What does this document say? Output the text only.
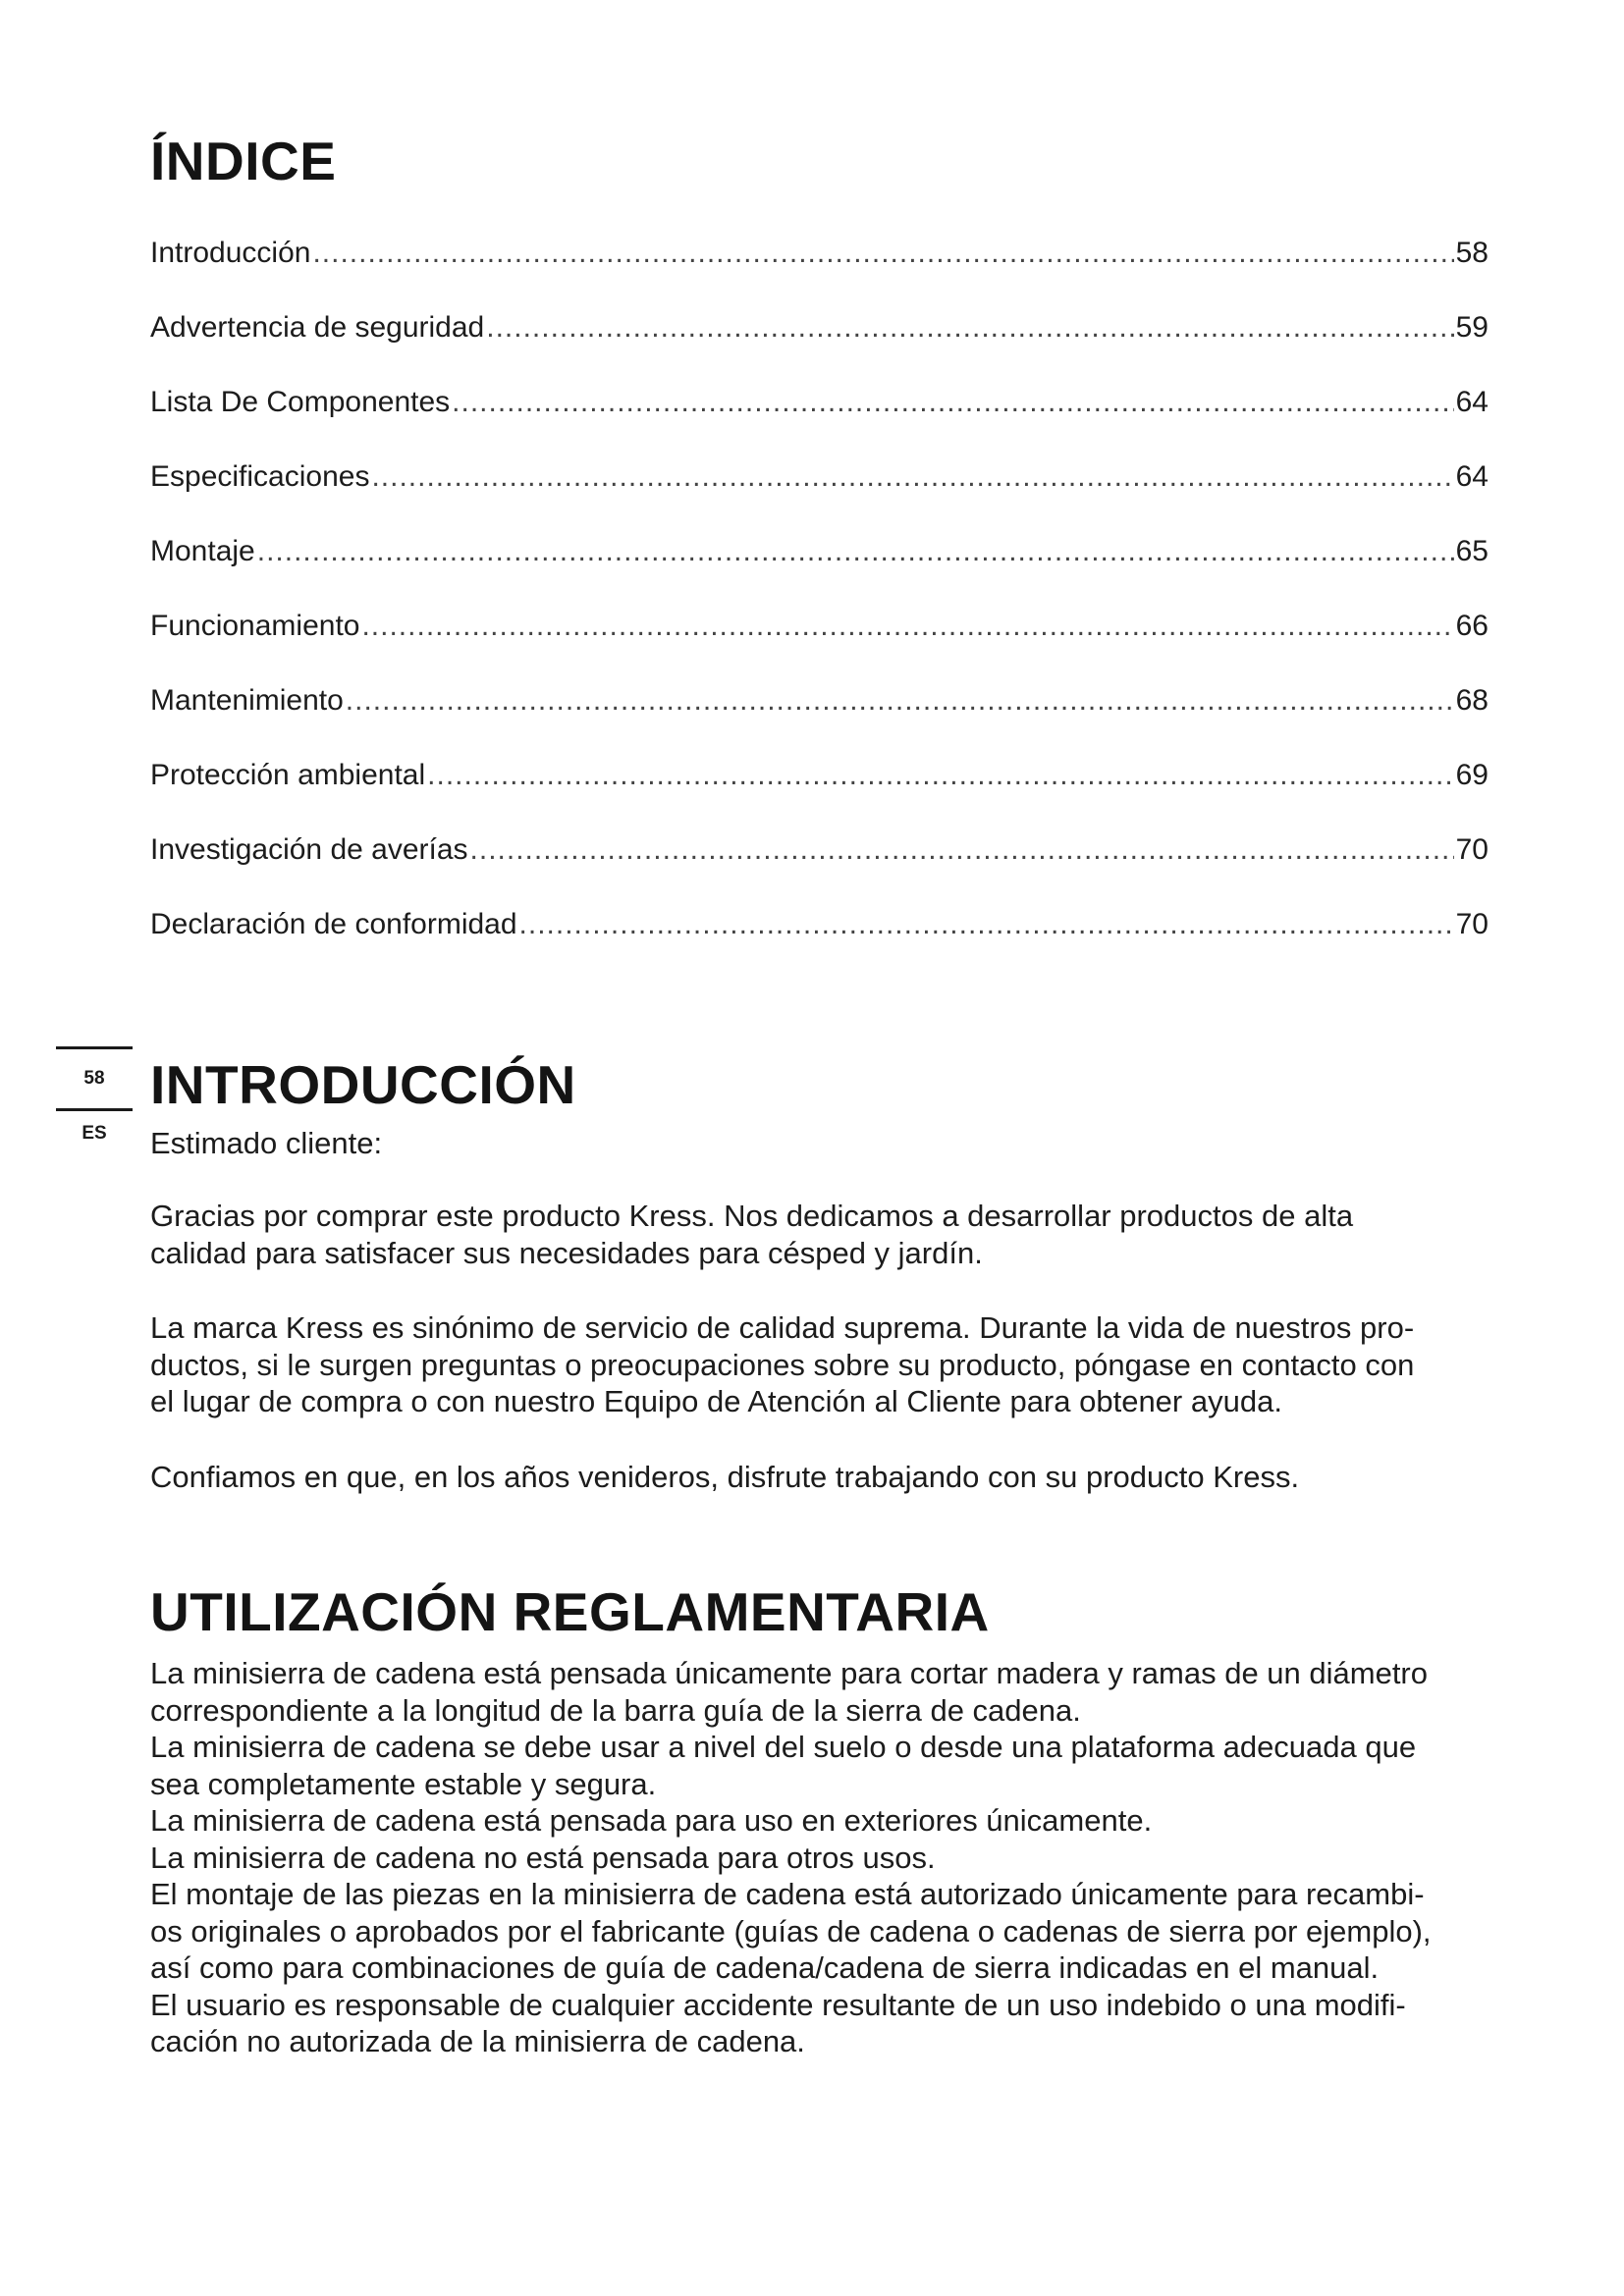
ÍNDICE
Introducción .....	58
Advertencia de seguridad .....	59
Lista De Componentes .....	64
Especificaciones .....	64
Montaje .....	65
Funcionamiento .....	66
Mantenimiento .....	68
Protección ambiental .....	69
Investigación de averías .....	70
Declaración de conformidad .....	70
58
ES
INTRODUCCIÓN

Estimado cliente:

Gracias por comprar este producto Kress. Nos dedicamos a desarrollar productos de alta
calidad para satisfacer sus necesidades para césped y jardín.

La marca Kress es sinónimo de servicio de calidad suprema. Durante la vida de nuestros pro-
ductos, si le surgen preguntas o preocupaciones sobre su producto, póngase en contacto con
el lugar de compra o con nuestro Equipo de Atención al Cliente para obtener ayuda.

Confiamos en que, en los años venideros, disfrute trabajando con su producto Kress.

UTILIZACIÓN REGLAMENTARIA

La minisierra de cadena está pensada únicamente para cortar madera y ramas de un diámetro
correspondiente a la longitud de la barra guía de la sierra de cadena.
La minisierra de cadena se debe usar a nivel del suelo o desde una plataforma adecuada que
sea completamente estable y segura.
La minisierra de cadena está pensada para uso en exteriores únicamente.
La minisierra de cadena no está pensada para otros usos.
El montaje de las piezas en la minisierra de cadena está autorizado únicamente para recambi-
os originales o aprobados por el fabricante (guías de cadena o cadenas de sierra por ejemplo),
así como para combinaciones de guía de cadena/cadena de sierra indicadas en el manual.
El usuario es responsable de cualquier accidente resultante de un uso indebido o una modifi-
cación no autorizada de la minisierra de cadena.
